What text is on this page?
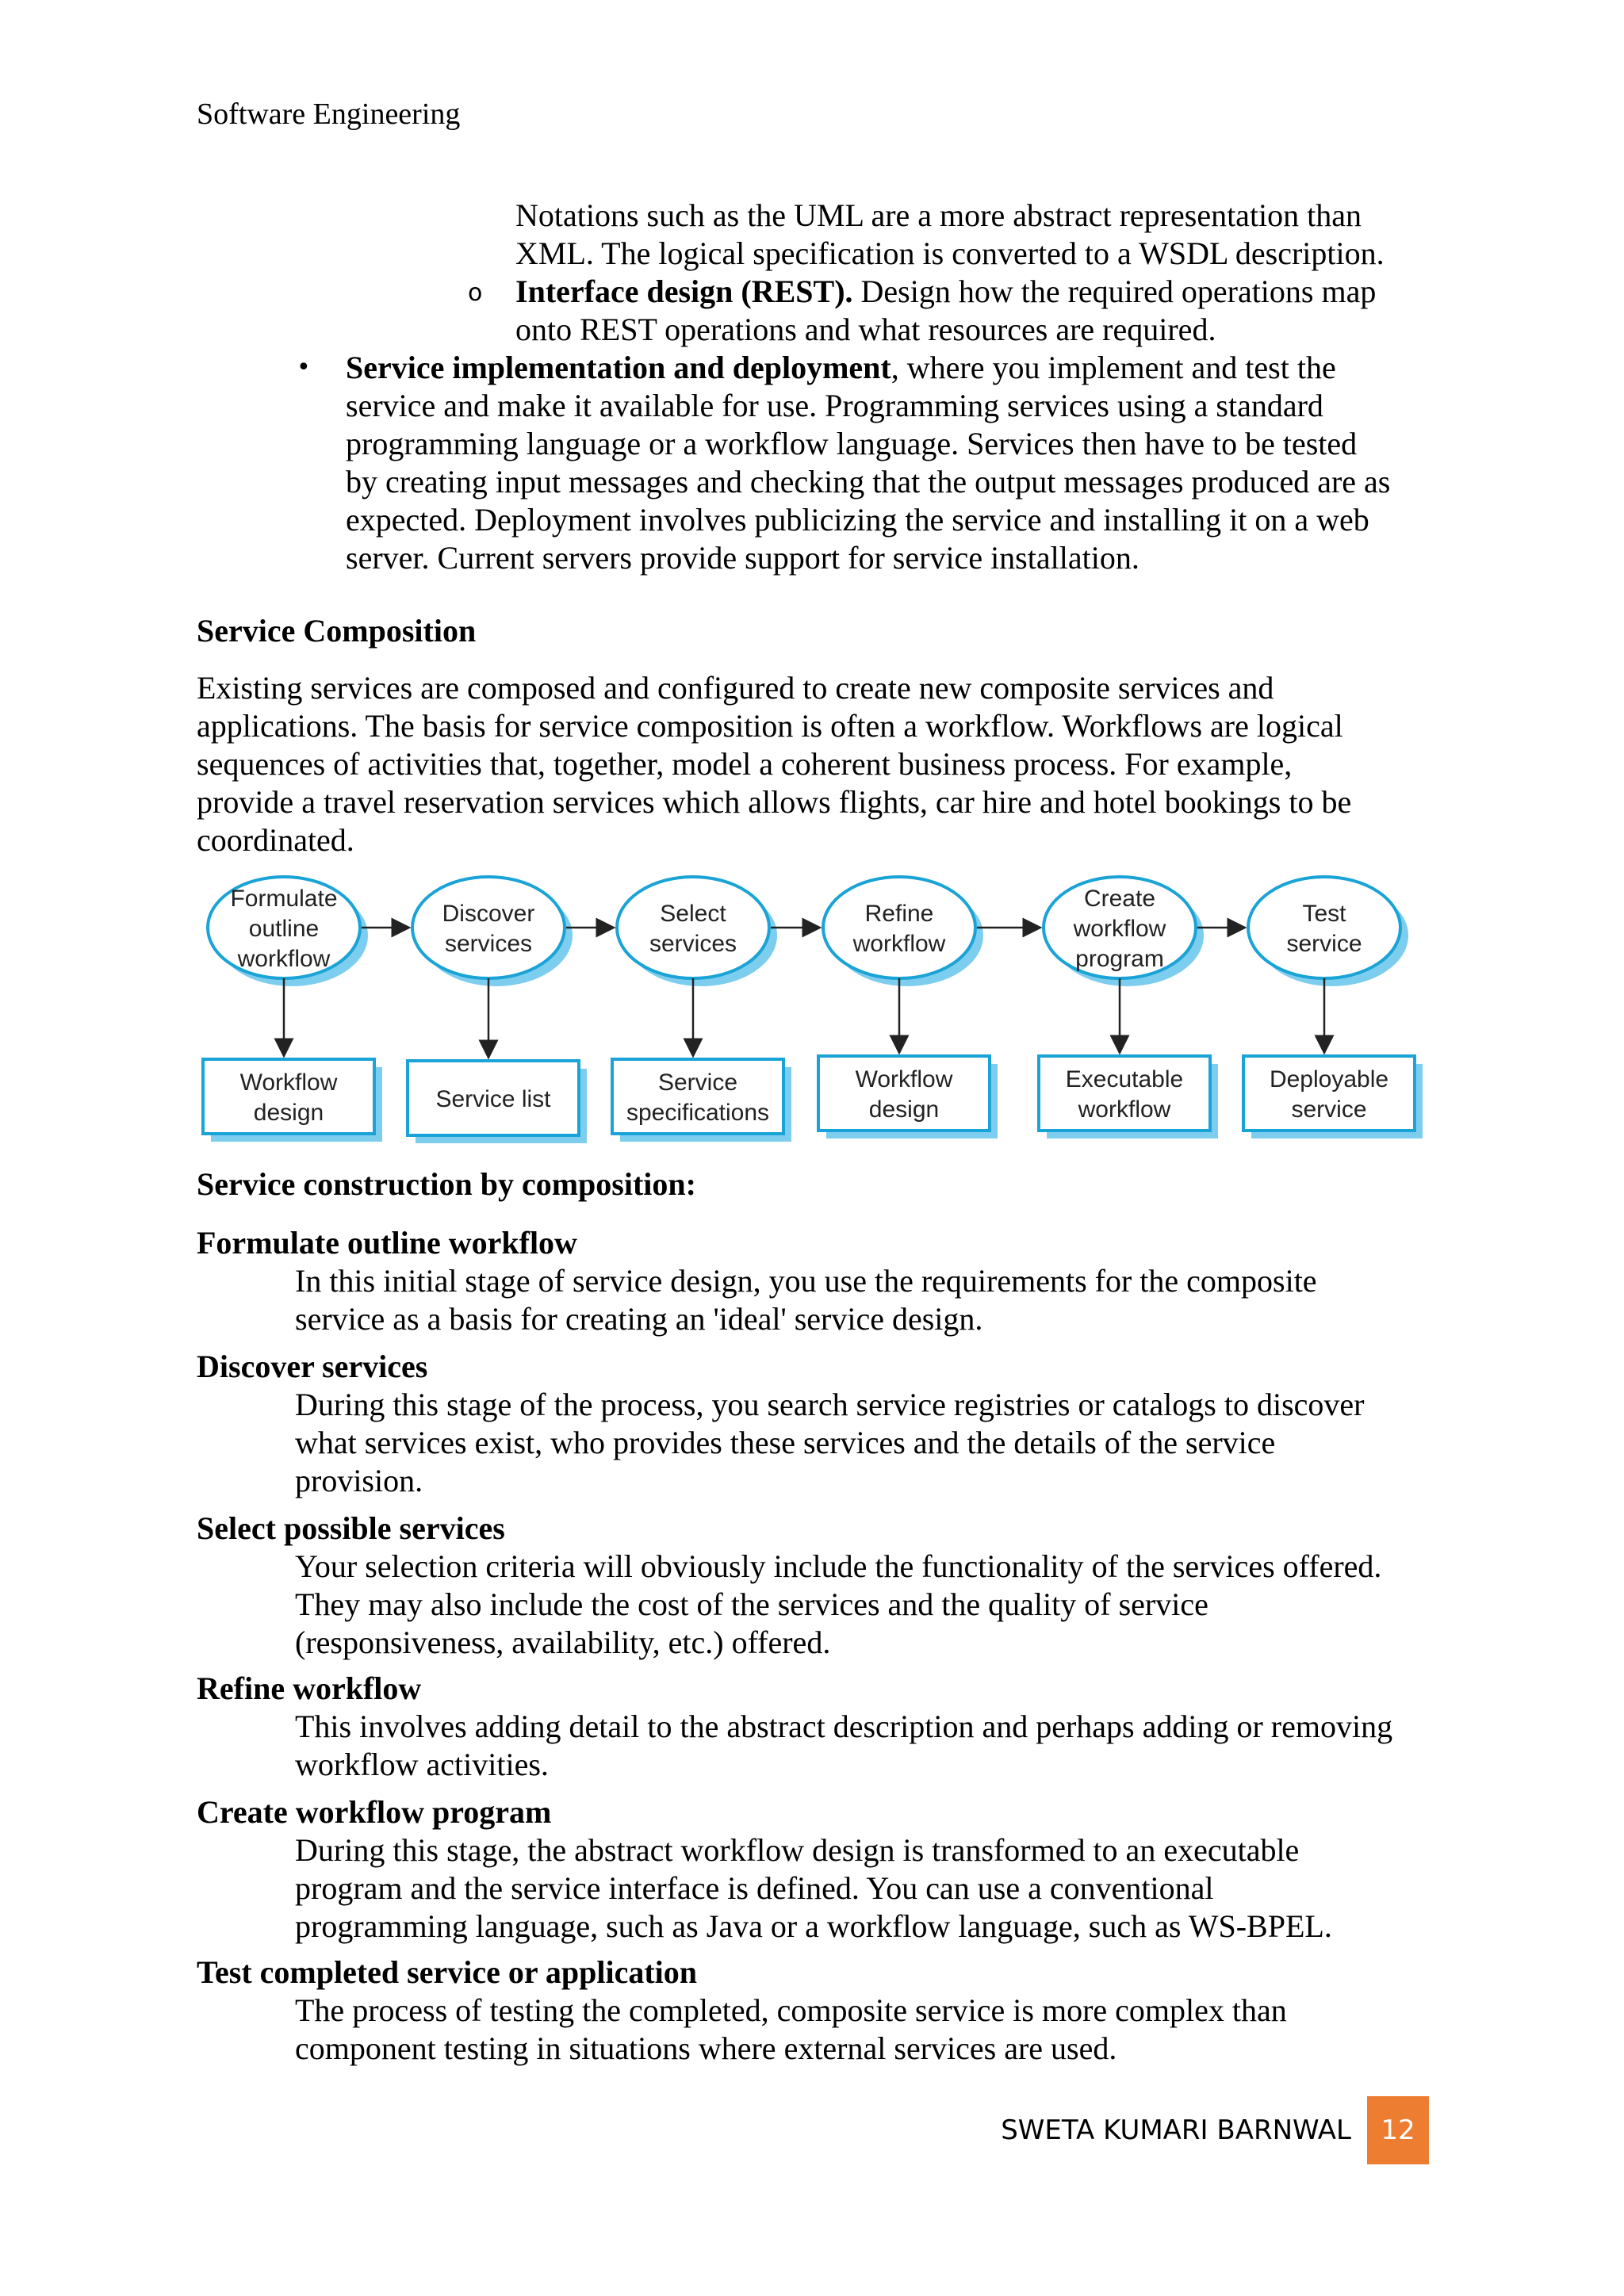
Software Engineering
Notations such as the UML are a more abstract representation than
XML. The logical specification is converted to a WSDL description.
o Interface design (REST). Design how the required operations map
onto REST operations and what resources are required.
• Service implementation and deployment, where you implement and test the
service and make it available for use. Programming services using a standard
programming language or a workflow language. Services then have to be tested
by creating input messages and checking that the output messages produced are as
expected. Deployment involves publicizing the service and installing it on a web
server. Current servers provide support for service installation.
Service Composition
Existing services are composed and configured to create new composite services and
applications. The basis for service composition is often a workflow. Workflows are logical
sequences of activities that, together, model a coherent business process. For example,
provide a travel reservation services which allows flights, car hire and hotel bookings to be
coordinated.
Formulate
outline
workflow
Workflow
design
Discover
services
Service list
Select
services
Service
specifications
Refine
workflow
Workflow
design
Create
workflow
program
Executable
workflow
Test
service
Deployable
service
Service construction by composition:
Formulate outline workflow
In this initial stage of service design, you use the requirements for the composite
service as a basis for creating an 'ideal' service design.
Discover services
During this stage of the process, you search service registries or catalogs to discover
what services exist, who provides these services and the details of the service
provision.
Select possible services
Your selection criteria will obviously include the functionality of the services offered.
They may also include the cost of the services and the quality of service
(responsiveness, availability, etc.) offered.
Refine workflow
This involves adding detail to the abstract description and perhaps adding or removing
workflow activities.
Create workflow program
During this stage, the abstract workflow design is transformed to an executable
program and the service interface is defined. You can use a conventional
programming language, such as Java or a workflow language, such as WS-BPEL.
Test completed service or application
The process of testing the completed, composite service is more complex than
component testing in situations where external services are used.
SWETA KUMARI BARNWAL	12
